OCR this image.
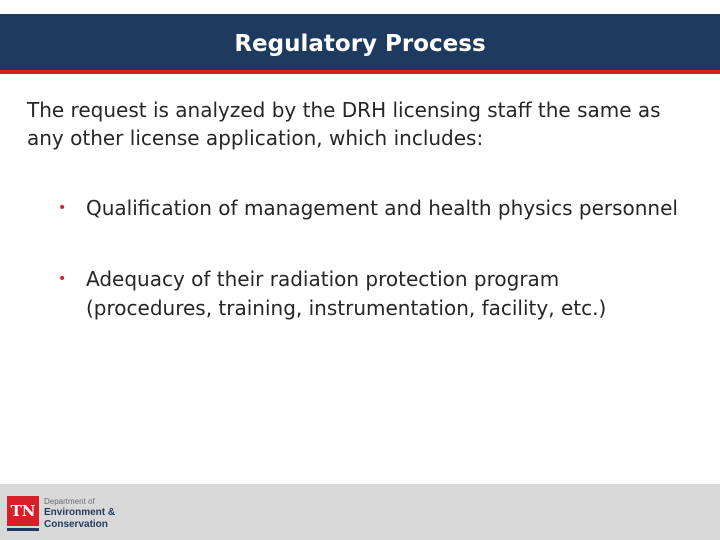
Regulatory Process
The request is analyzed by the DRH licensing staff the same as any other license application, which includes:
• Qualification of management and health physics personnel
• Adequacy of their radiation protection program (procedures, training, instrumentation, facility, etc.)
TN
Department of
Environment &
Conservation
